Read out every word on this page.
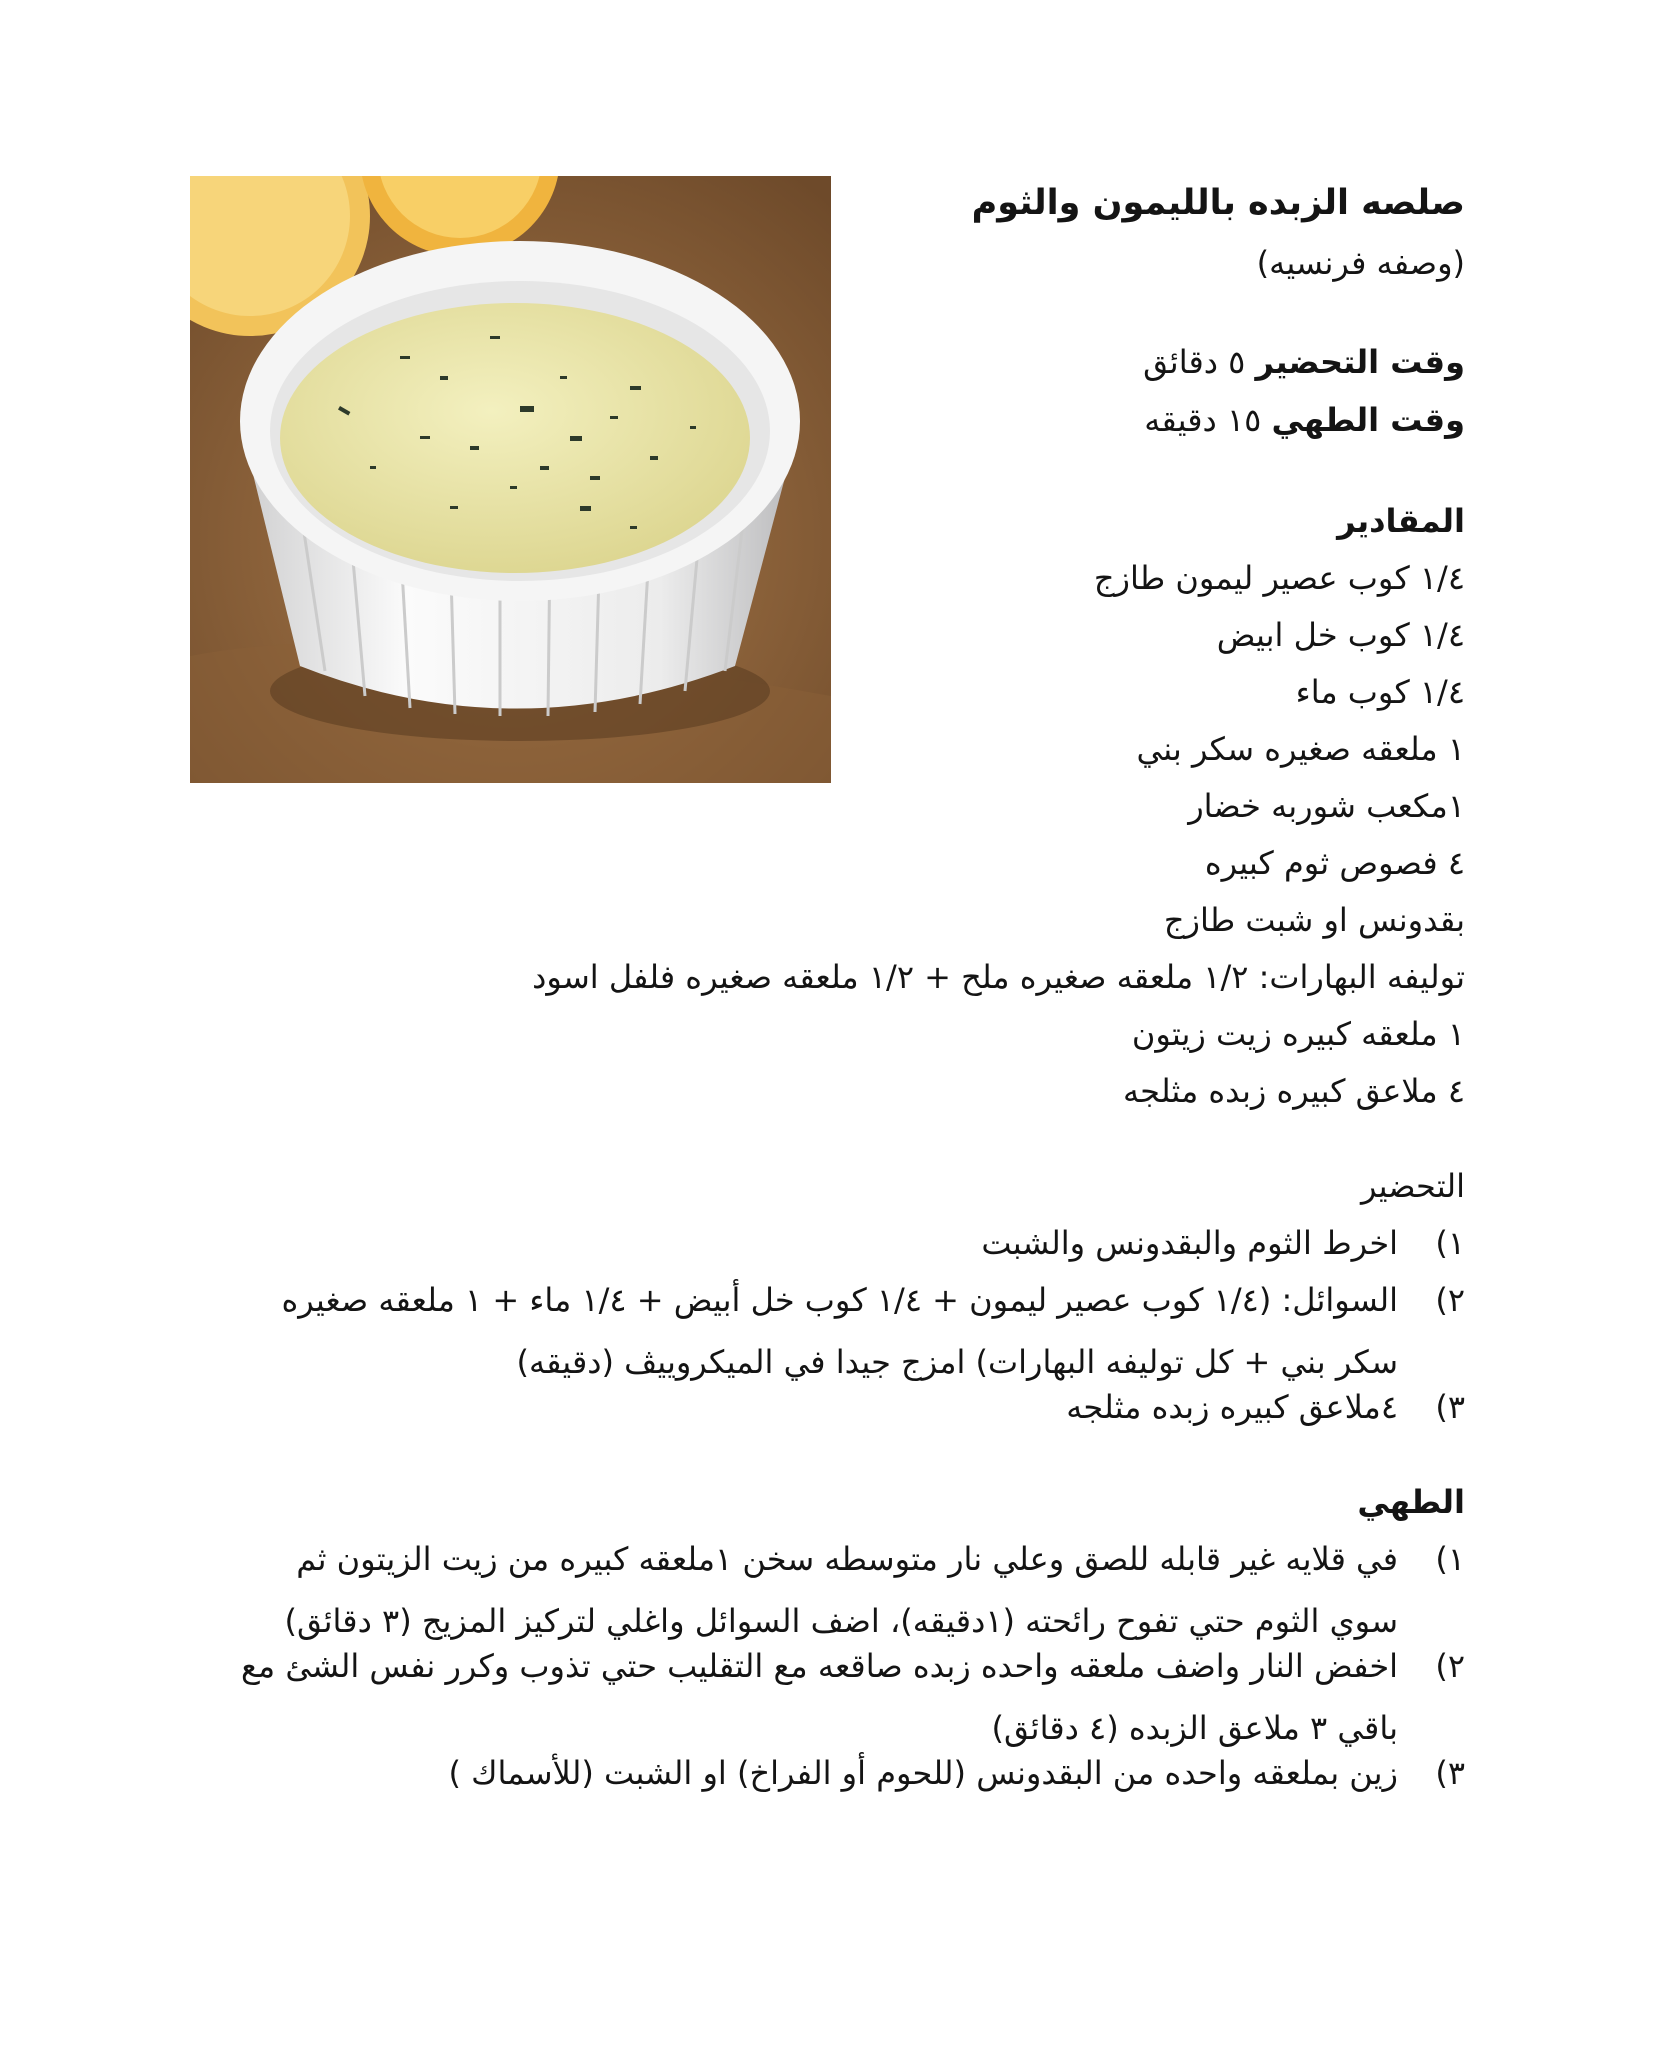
صلصه الزبده بالليمون والثوم
(وصفه فرنسيه)
وقت التحضير ٥ دقائق
وقت الطهي ١٥ دقيقه
المقادير
١/٤ كوب عصير ليمون طازج
١/٤ كوب خل ابيض
١/٤ كوب ماء
١ ملعقه صغيره سكر بني
١مكعب شوربه خضار
٤ فصوص ثوم كبيره
بقدونس او شبت طازج
توليفه البهارات: ١/٢ ملعقه صغيره ملح + ١/٢ ملعقه صغيره فلفل اسود
١ ملعقه كبيره زيت زيتون
٤ ملاعق كبيره زبده مثلجه
التحضير
١)
اخرط الثوم والبقدونس والشبت
٢)
السوائل: (١/٤ كوب عصير ليمون + ١/٤ كوب خل أبيض + ١/٤ ماء + ١ ملعقه صغيره سكر بني + كل توليفه البهارات) امزج جيدا في الميكروييڤ (دقيقه)
٣)
٤ملاعق كبيره زبده مثلجه
الطهي
١)
في قلايه غير قابله للصق وعلي نار متوسطه سخن ١ملعقه كبيره من زيت الزيتون ثم سوي الثوم حتي تفوح رائحته (١دقيقه)، اضف السوائل واغلي لتركيز المزيج (٣ دقائق)
٢)
اخفض النار واضف ملعقه واحده زبده صاقعه مع التقليب حتي تذوب وكرر نفس الشئ مع باقي ٣ ملاعق الزبده (٤ دقائق)
٣)
زين بملعقه واحده من البقدونس (للحوم أو الفراخ) او الشبت (للأسماك )
